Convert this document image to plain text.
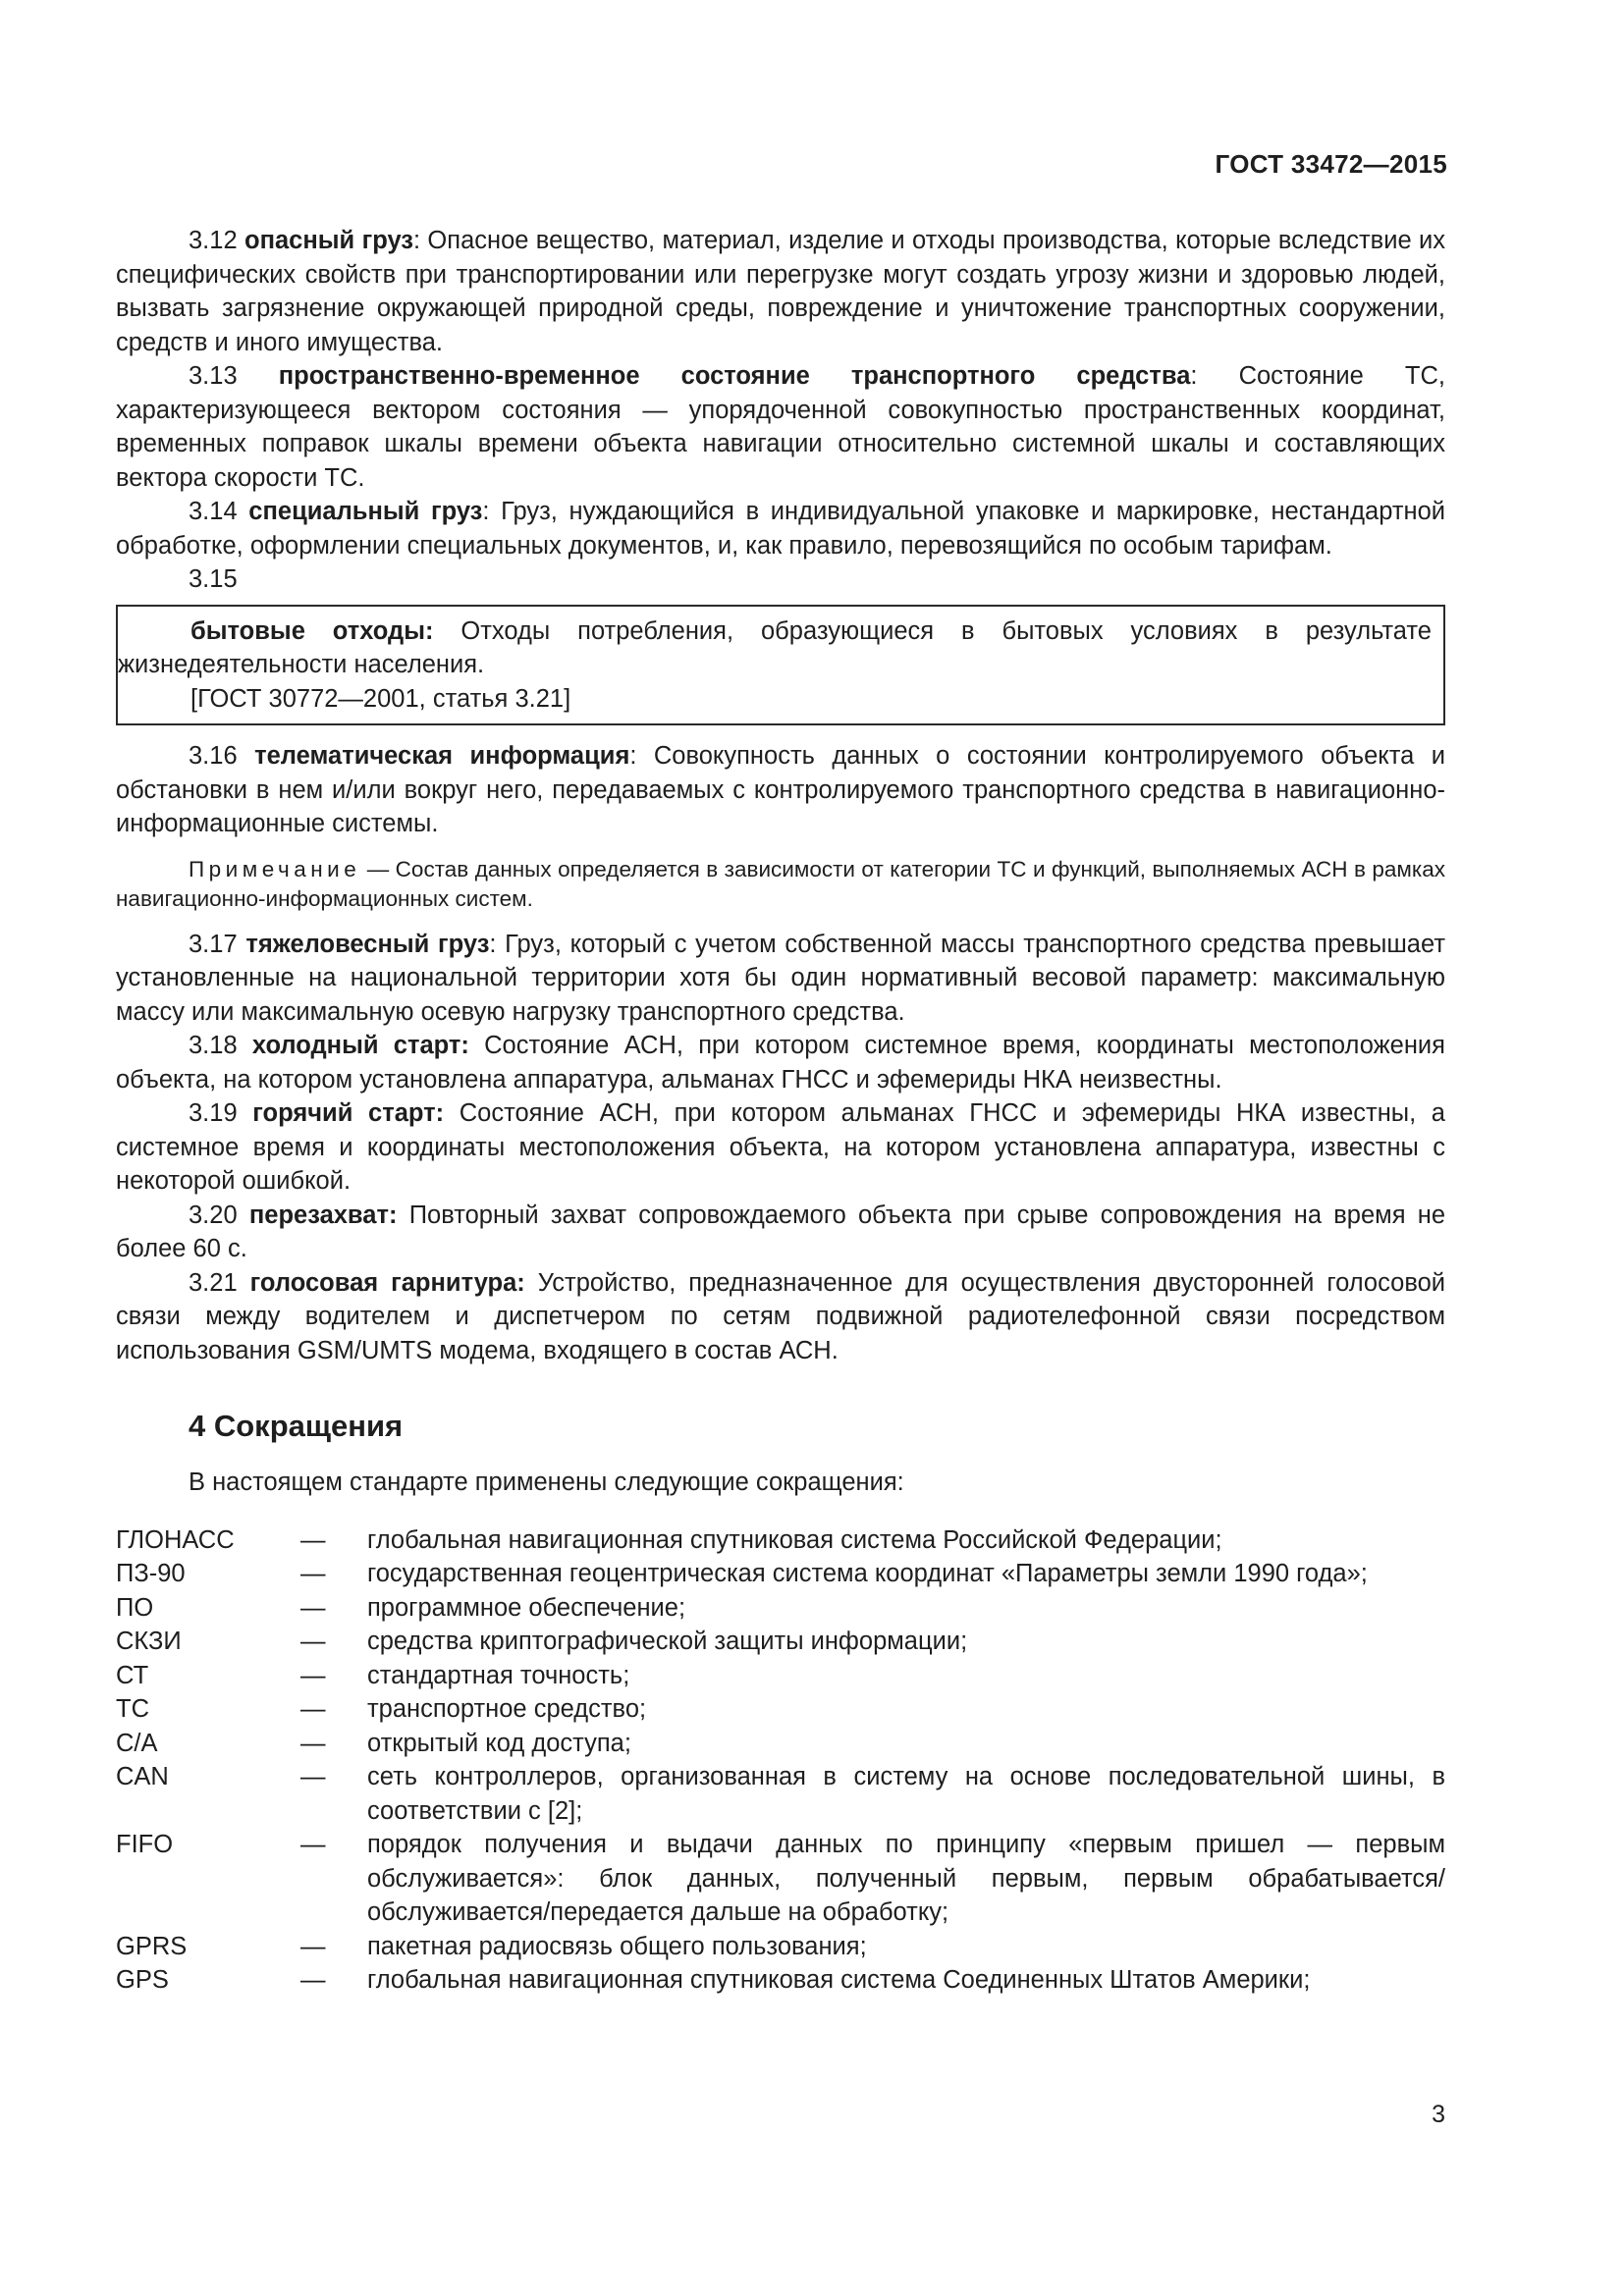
ГОСТ 33472—2015

3.12 опасный груз: Опасное вещество, материал, изделие и отходы производства, которые вследствие их специфических свойств при транспортировании или перегрузке могут создать угрозу жизни и здоровью людей, вызвать загрязнение окружающей природной среды, повреждение и уничтожение транспортных сооружении, средств и иного имущества.

3.13 пространственно-временное состояние транспортного средства: Состояние ТС, характеризующееся вектором состояния — упорядоченной совокупностью пространственных координат, временных поправок шкалы времени объекта навигации относительно системной шкалы и составляющих вектора скорости ТС.

3.14 специальный груз: Груз, нуждающийся в индивидуальной упаковке и маркировке, нестандартной обработке, оформлении специальных документов, и, как правило, перевозящийся по особым тарифам.

3.15

бытовые отходы: Отходы потребления, образующиеся в бытовых условиях в результате жизнедеятельности населения.

[ГОСТ 30772—2001, статья 3.21]

3.16 телематическая информация: Совокупность данных о состоянии контролируемого объекта и обстановки в нем и/или вокруг него, передаваемых с контролируемого транспортного средства в навигационно-информационные системы.

Примечание — Состав данных определяется в зависимости от категории ТС и функций, выполняемых АСН в рамках навигационно-информационных систем.

3.17 тяжеловесный груз: Груз, который с учетом собственной массы транспортного средства превышает установленные на национальной территории хотя бы один нормативный весовой параметр: максимальную массу или максимальную осевую нагрузку транспортного средства.

3.18 холодный старт: Состояние АСН, при котором системное время, координаты местоположения объекта, на котором установлена аппаратура, альманах ГНСС и эфемериды НКА неизвестны.

3.19 горячий старт: Состояние АСН, при котором альманах ГНСС и эфемериды НКА известны, а системное время и координаты местоположения объекта, на котором установлена аппаратура, известны с некоторой ошибкой.

3.20 перезахват: Повторный захват сопровождаемого объекта при срыве сопровождения на время не более 60 с.

3.21 голосовая гарнитура: Устройство, предназначенное для осуществления двусторонней голосовой связи между водителем и диспетчером по сетям подвижной радиотелефонной связи посредством использования GSM/UMTS модема, входящего в состав АСН.

4 Сокращения

В настоящем стандарте применены следующие сокращения:

ГЛОНАСС	—	глобальная навигационная спутниковая система Российской Федерации;
ПЗ-90	—	государственная геоцентрическая система координат «Параметры земли 1990 года»;
ПО	—	программное обеспечение;
СКЗИ	—	средства криптографической защиты информации;
СТ	—	стандартная точность;
ТС	—	транспортное средство;
С/А	—	открытый код доступа;
CAN	—	сеть контроллеров, организованная в систему на основе последовательной шины, в соответствии с [2];
FIFO	—	порядок получения и выдачи данных по принципу «первым пришел — первым обслуживается»: блок данных, полученный первым, первым обрабатывается/обслуживается/передается дальше на обработку;
GPRS	—	пакетная радиосвязь общего пользования;
GPS	—	глобальная навигационная спутниковая система Соединенных Штатов Америки;
3
